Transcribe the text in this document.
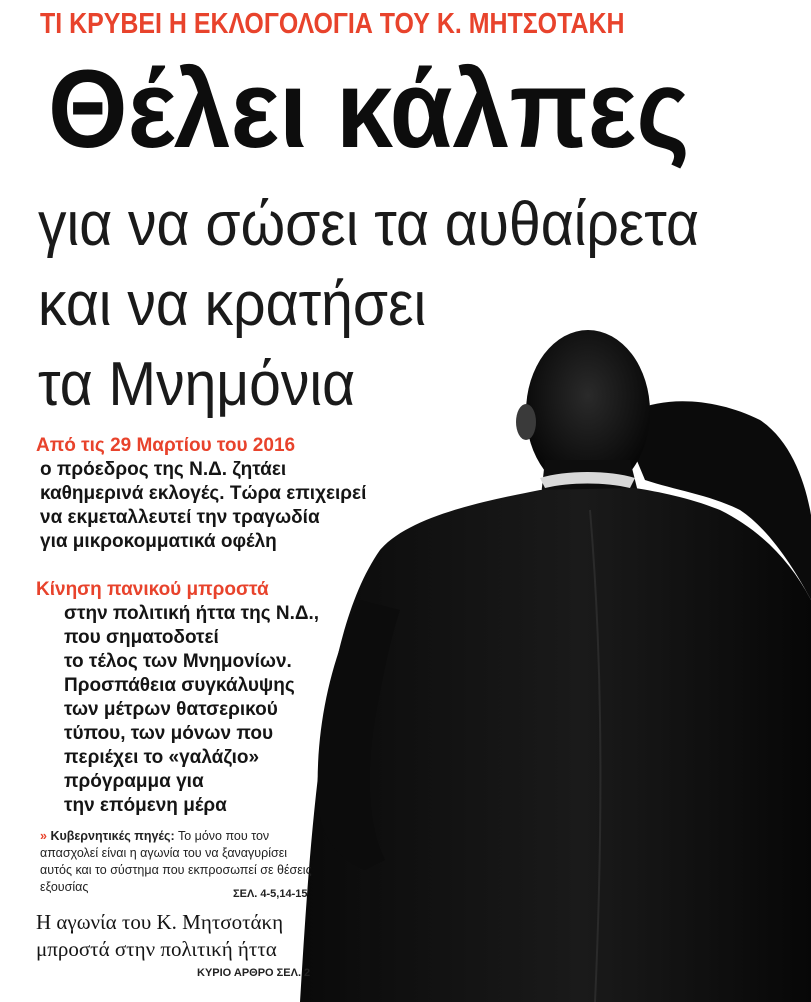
ΤΙ ΚΡΥΒΕΙ Η ΕΚΛΟΓΟΛΟΓΙΑ ΤΟΥ Κ. ΜΗΤΣΟΤΑΚΗ
Θέλει κάλπες
για να σώσει τα αυθαίρετα
και να κρατήσει
τα Μνημόνια
Από τις 29 Μαρτίου του 2016
ο πρόεδρος της Ν.Δ. ζητάει
καθημερινά εκλογές. Τώρα επιχειρεί
να εκμεταλλευτεί την τραγωδία
για μικροκομματικά οφέλη
Κίνηση πανικού μπροστά
στην πολιτική ήττα της Ν.Δ.,
που σηματοδοτεί
το τέλος των Μνημονίων.
Προσπάθεια συγκάλυψης
των μέτρων θατσερικού
τύπου, των μόνων που
περιέχει το «γαλάζιο»
πρόγραμμα για
την επόμενη μέρα
» Κυβερνητικές πηγές: Το μόνο που τον απασχολεί είναι η αγωνία του να ξαναγυρίσει αυτός και το σύστημα που εκπροσωπεί σε θέσεις εξουσίας	ΣΕΛ. 4-5,14-15
Η αγωνία του Κ. Μητσοτάκη
μπροστά στην πολιτική ήττα
ΚΥΡΙΟ ΑΡΘΡΟ ΣΕΛ. 2
